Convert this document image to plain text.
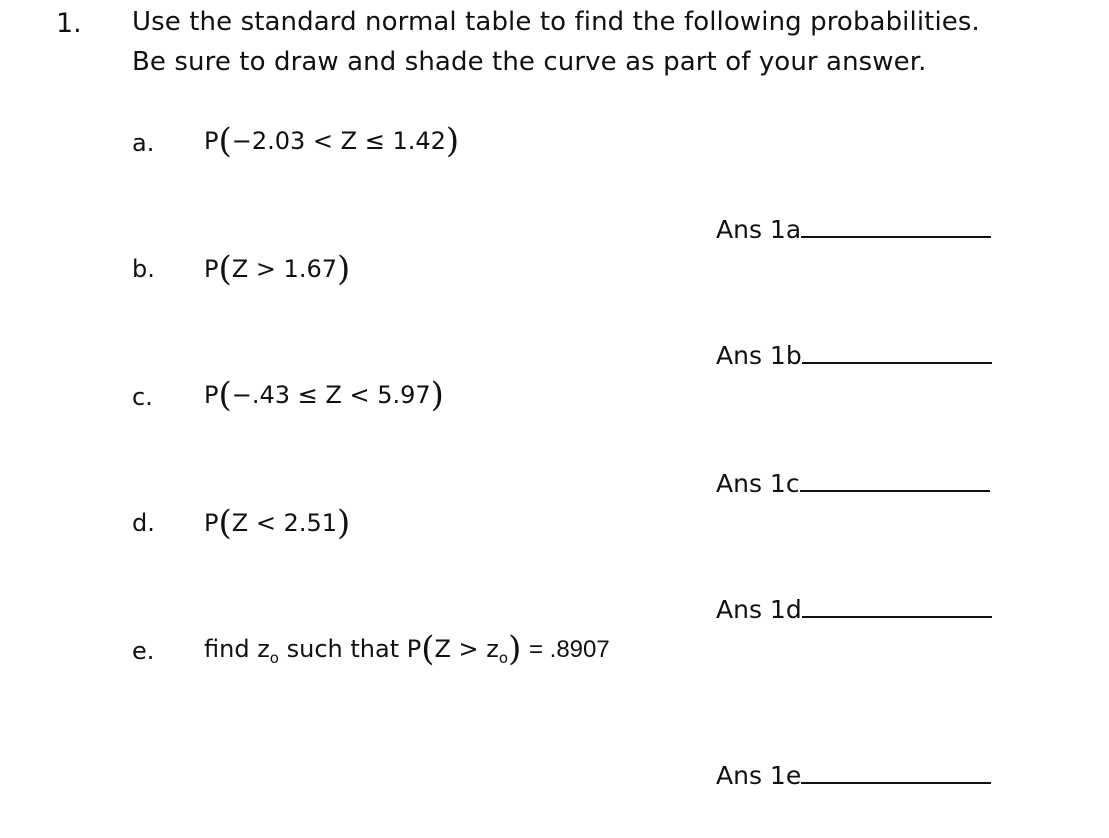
1. Use the standard normal table to find the following probabilities.
Be sure to draw and shade the curve as part of your answer.
a. P(−2.03 < Z ≤ 1.42)
Ans 1a
b. P(Z > 1.67)
Ans 1b
c. P(−.43 ≤ Z < 5.97)
Ans 1c
d. P(Z < 2.51)
Ans 1d
e. find $z_o$ such that $P(Z > z_o) = .8907$
Ans 1e
